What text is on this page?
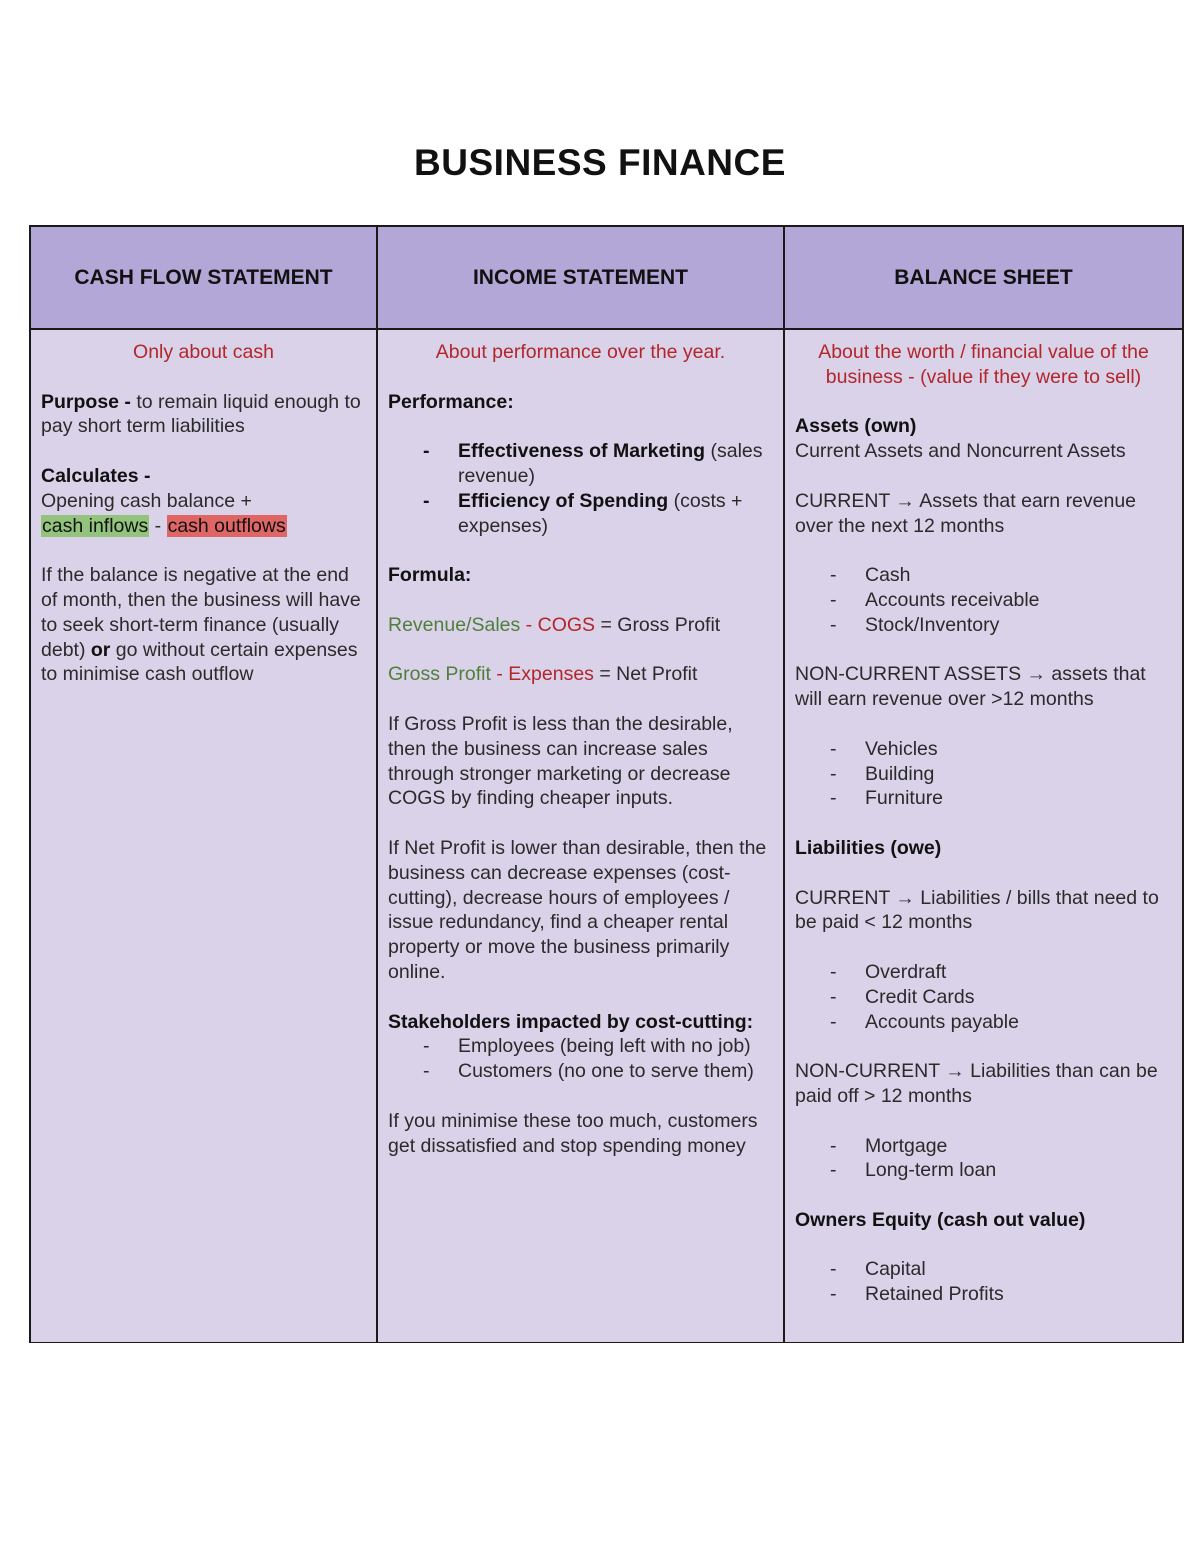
BUSINESS FINANCE
CASH FLOW STATEMENT	INCOME STATEMENT	BALANCE SHEET

Only about cash

Purpose - to remain liquid enough to pay short term liabilities

Calculates -

Opening cash balance +

cash inflows - cash outflows

If the balance is negative at the end of month, then the business will have to seek short-term finance (usually debt) or go without certain expenses to minimise cash outflow

About performance over the year.

Performance:

- Effectiveness of Marketing (sales revenue)
- Efficiency of Spending (costs + expenses)

Formula:

Revenue/Sales - COGS = Gross Profit

Gross Profit - Expenses = Net Profit

If Gross Profit is less than the desirable, then the business can increase sales through stronger marketing or decrease COGS by finding cheaper inputs.

If Net Profit is lower than desirable, then the business can decrease expenses (cost-cutting), decrease hours of employees / issue redundancy, find a cheaper rental property or move the business primarily online.

Stakeholders impacted by cost-cutting:

- Employees (being left with no job)
- Customers (no one to serve them)

If you minimise these too much, customers get dissatisfied and stop spending money

About the worth / financial value of the business - (value if they were to sell)

Assets (own)

Current Assets and Noncurrent Assets

CURRENT → Assets that earn revenue over the next 12 months

- Cash
- Accounts receivable
- Stock/Inventory

NON-CURRENT ASSETS → assets that will earn revenue over >12 months

- Vehicles
- Building
- Furniture

Liabilities (owe)

CURRENT → Liabilities / bills that need to be paid < 12 months

- Overdraft
- Credit Cards
- Accounts payable

NON-CURRENT → Liabilities than can be paid off > 12 months

- Mortgage
- Long-term loan

Owners Equity (cash out value)

- Capital
- Retained Profits
